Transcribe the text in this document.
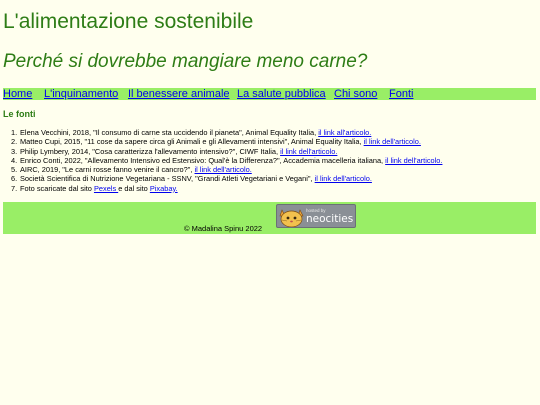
L'alimentazione sostenibile
Perché si dovrebbe mangiare meno carne?
Home L'inquinamento Il benessere animale La salute pubblica Chi sono Fonti
Le fonti
1. Elena Vecchini, 2018, "Il consumo di carne sta uccidendo il pianeta", Animal Equality Italia, il link all'articolo.
2. Matteo Cupi, 2015, "11 cose da sapere circa gli Animali e gli Allevamenti intensivi", Animal Equality Italia, il link dell'articolo.
3. Philip Lymbery, 2014, "Cosa caratterizza l'allevamento intensivo?", CIWF Italia, il link dell'articolo.
4. Enrico Conti, 2022, "Allevamento Intensivo ed Estensivo: Qual'è la Differenza?", Accademia macelleria italiana, il link dell'articolo.
5. AIRC, 2019, "Le carni rosse fanno venire il cancro?", il link dell'articolo.
6. Società Scientifica di Nutrizione Vegetariana - SSNV, "Grandi Atleti Vegetariani e Vegani", il link dell'articolo.
7. Foto scaricate dal sito Pexels e dal sito Pixabay.
© Madalina Spinu 2022
hosted by
neocities
